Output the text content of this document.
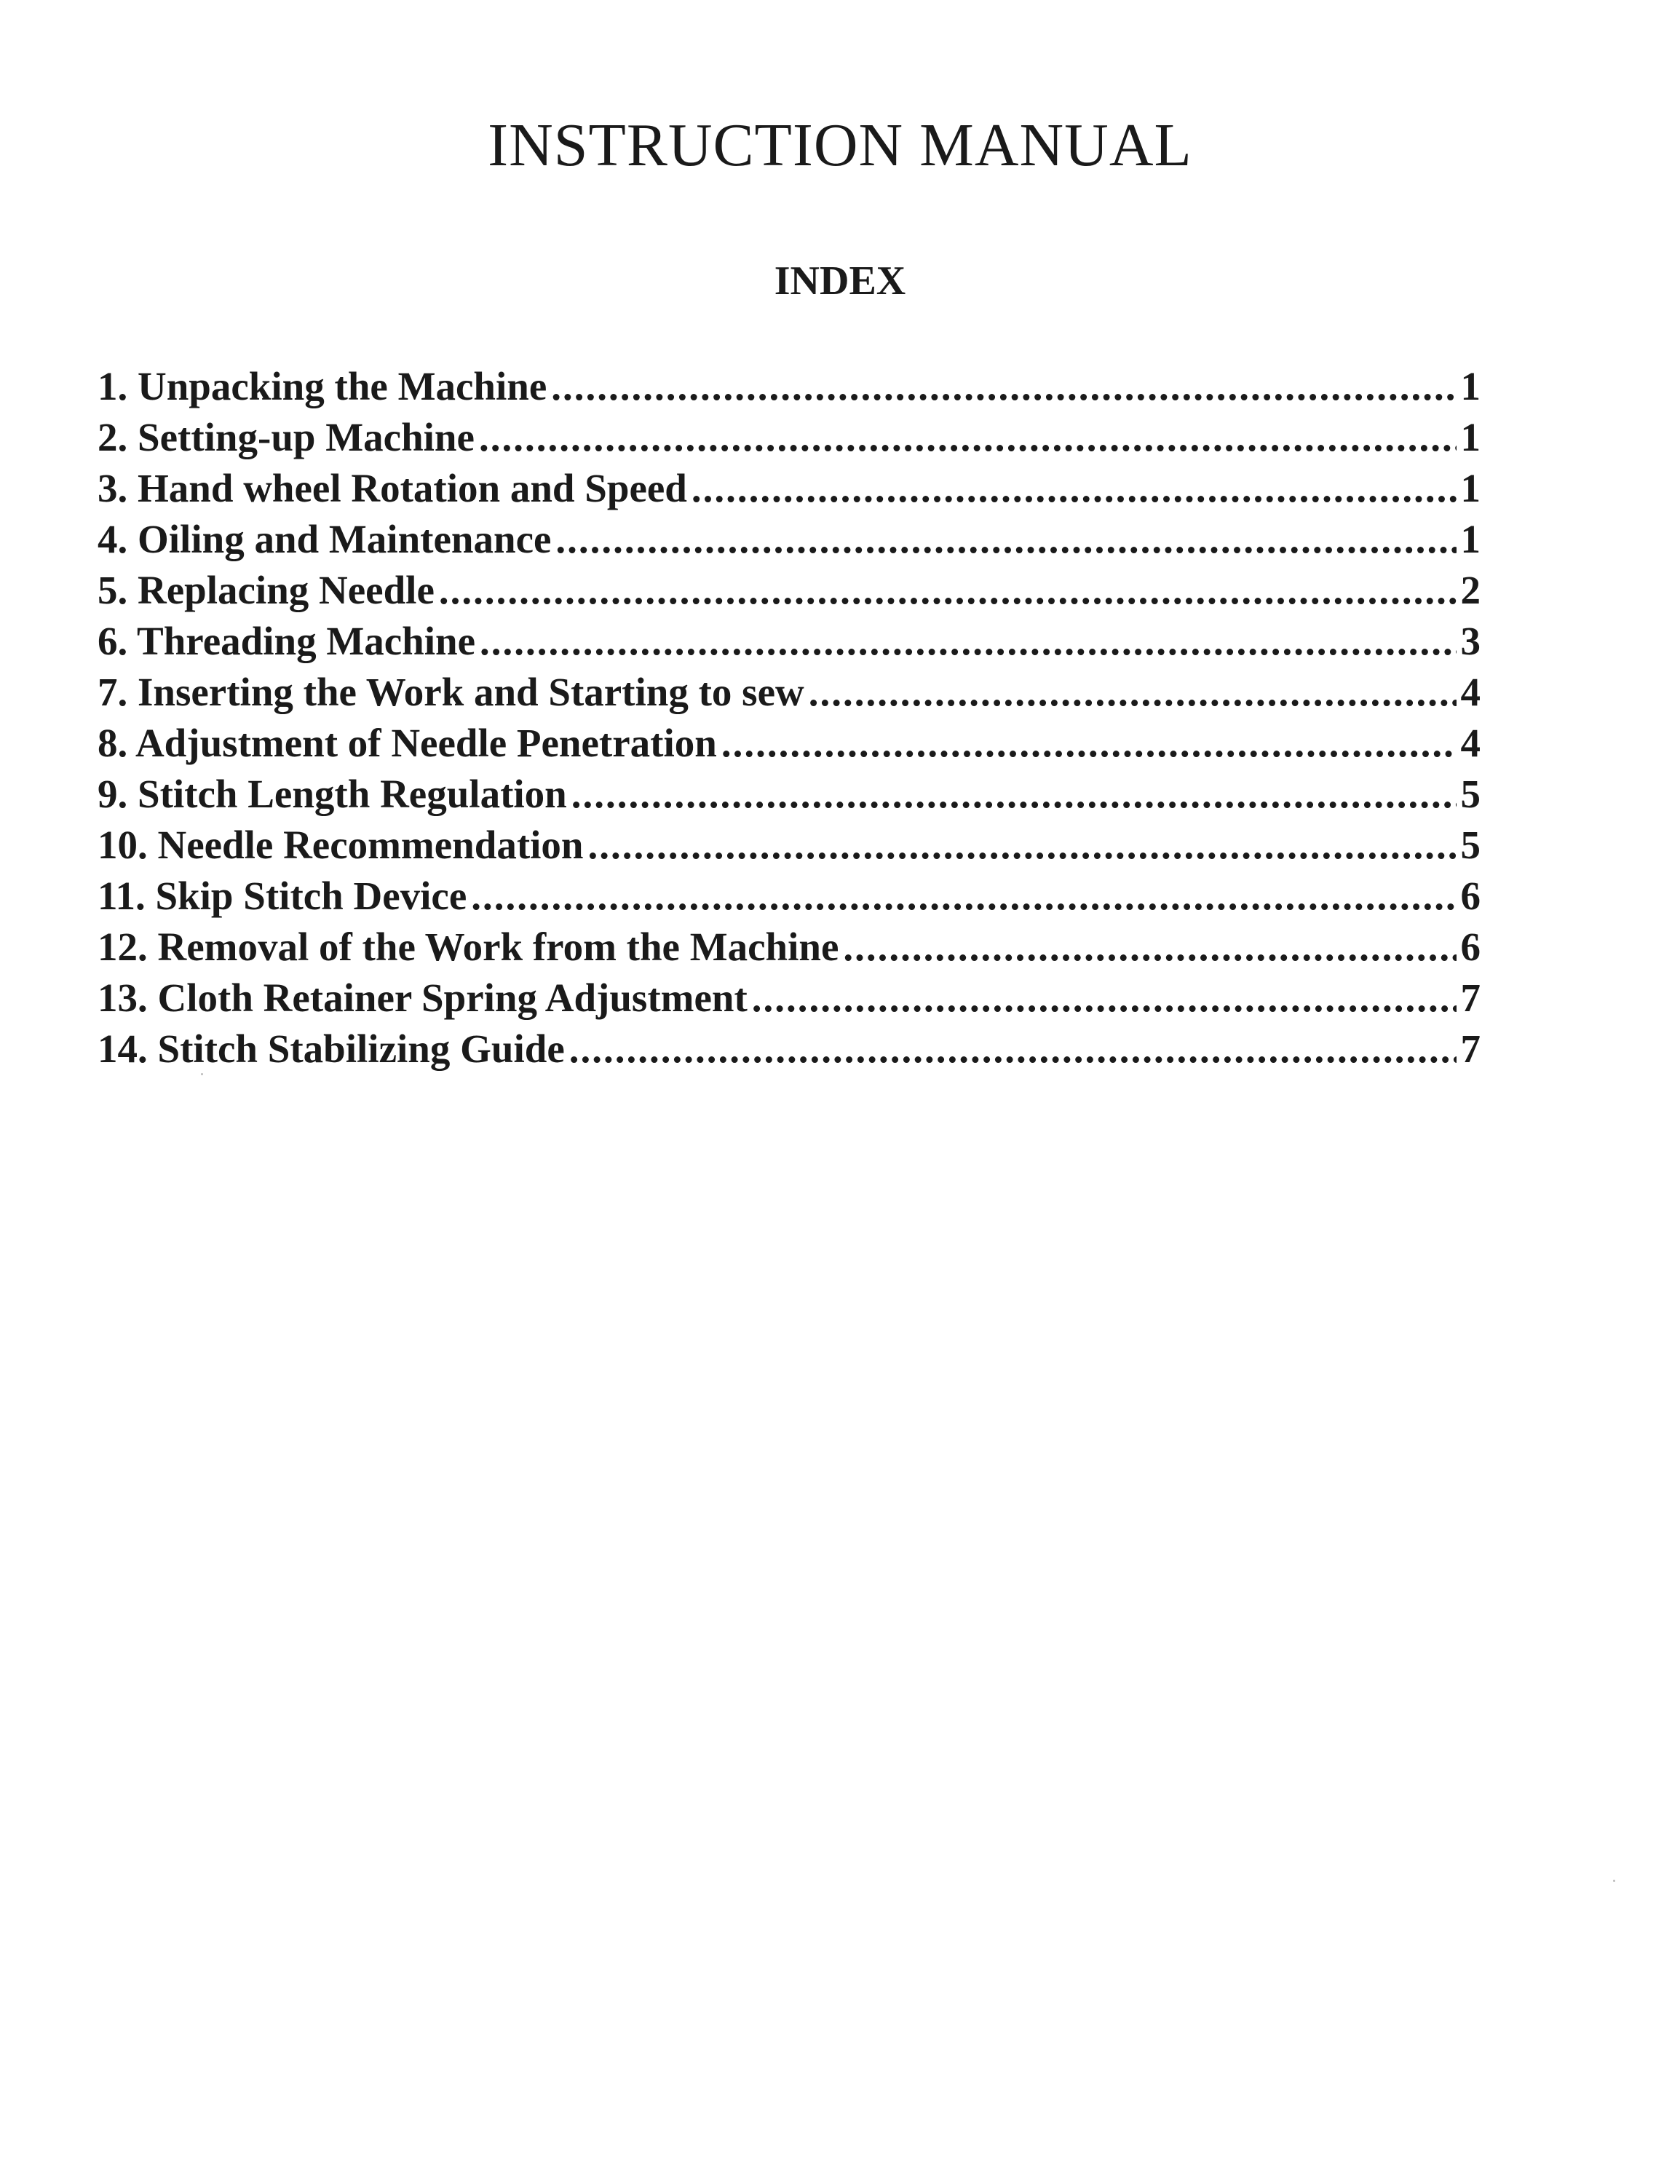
INSTRUCTION MANUAL
INDEX
1. Unpacking the Machine .....	1
2. Setting-up Machine .....	1
3. Hand wheel Rotation and Speed .....	1
4. Oiling and Maintenance .....	1
5. Replacing Needle .....	2
6. Threading Machine .....	3
7. Inserting the Work and Starting to sew .....	4
8. Adjustment of Needle Penetration .....	4
9. Stitch Length Regulation .....	5
10. Needle Recommendation .....	5
11. Skip Stitch Device .....	6
12. Removal of the Work from the Machine .....	6
13. Cloth Retainer Spring Adjustment .....	7
14. Stitch Stabilizing Guide .....	7
